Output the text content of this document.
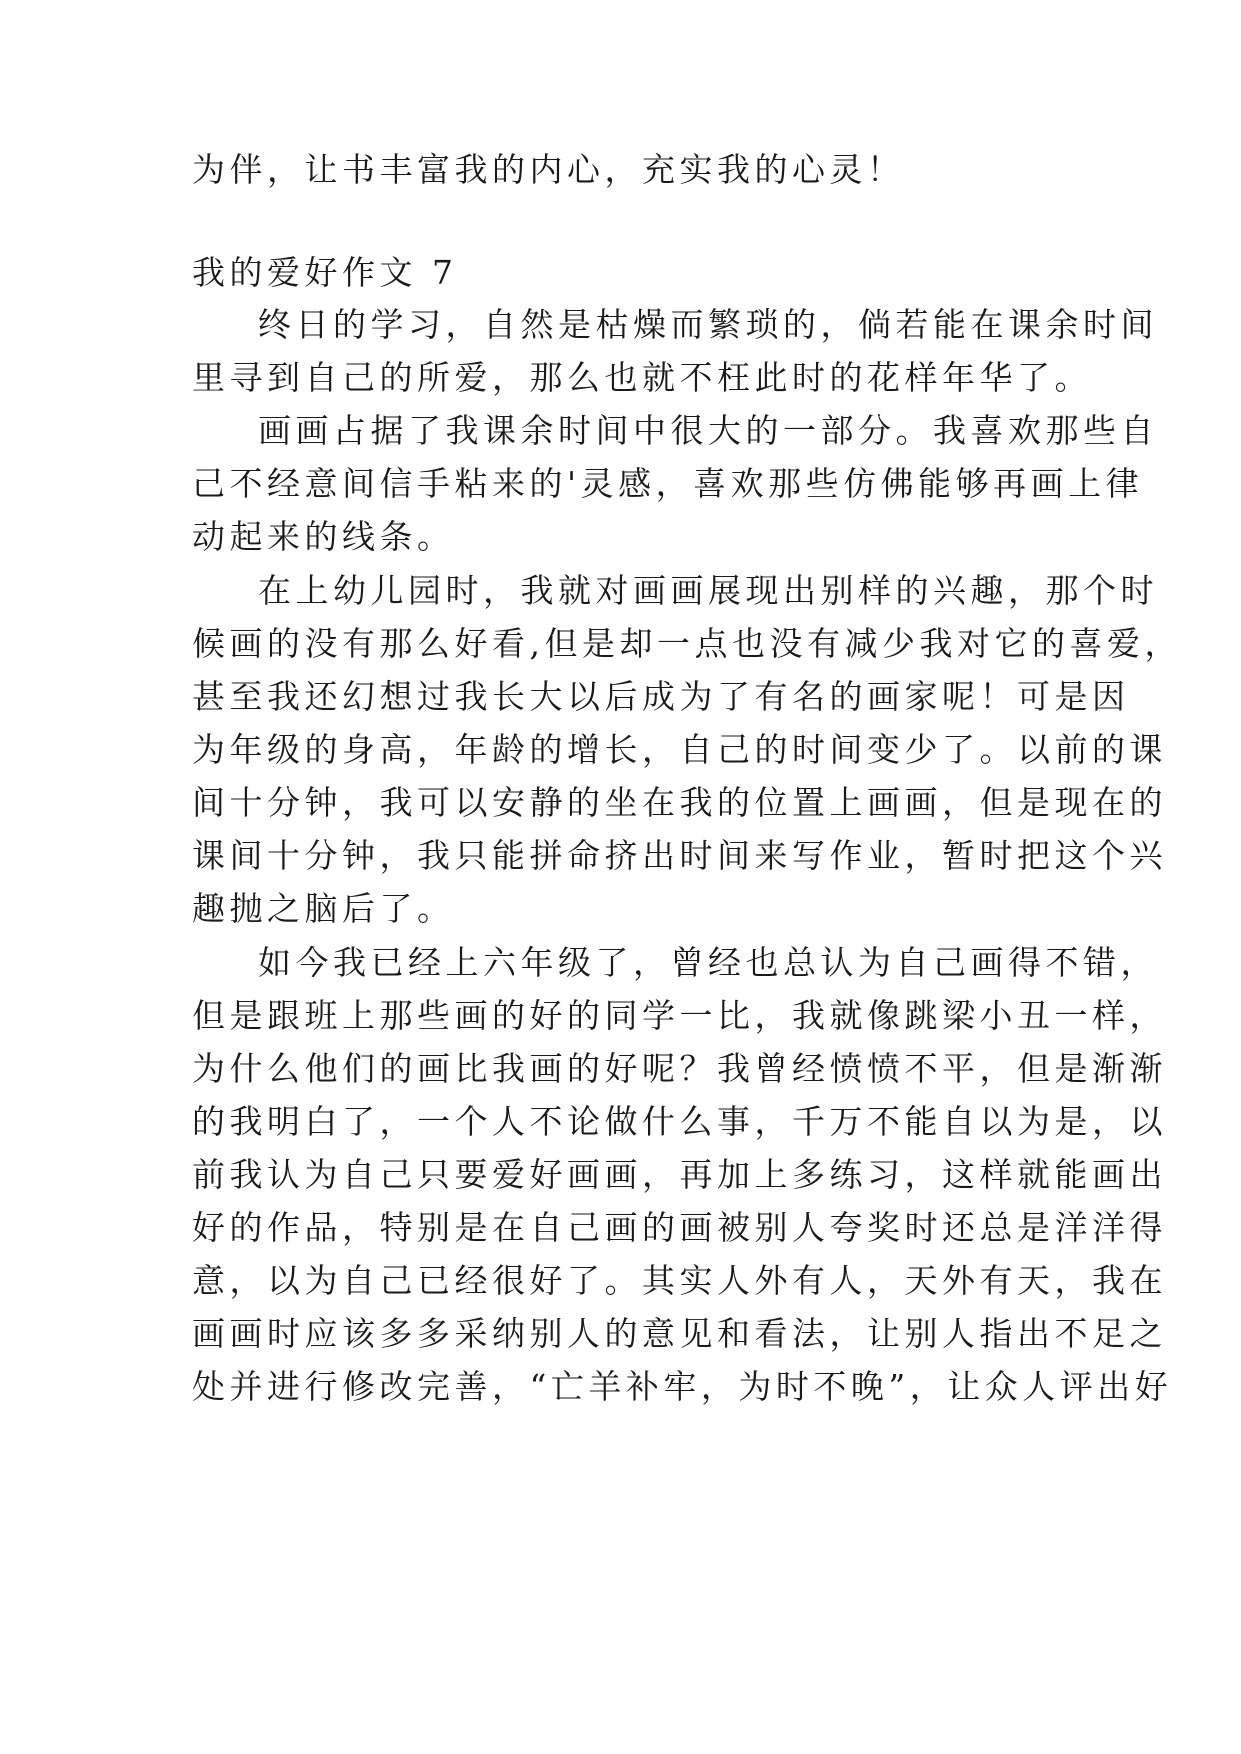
为伴，让书丰富我的内心，充实我的心灵！
我的爱好作文 7
终日的学习，自然是枯燥而繁琐的，倘若能在课余时间
里寻到自己的所爱，那么也就不枉此时的花样年华了。
画画占据了我课余时间中很大的一部分。我喜欢那些自
己不经意间信手粘来的'灵感，喜欢那些仿佛能够再画上律
动起来的线条。
在上幼儿园时，我就对画画展现出别样的兴趣，那个时
候画的没有那么好看,但是却一点也没有减少我对它的喜爱，
甚至我还幻想过我长大以后成为了有名的画家呢！可是因
为年级的身高，年龄的增长，自己的时间变少了。以前的课
间十分钟，我可以安静的坐在我的位置上画画，但是现在的
课间十分钟，我只能拼命挤出时间来写作业，暂时把这个兴
趣抛之脑后了。
如今我已经上六年级了，曾经也总认为自己画得不错，
但是跟班上那些画的好的同学一比，我就像跳梁小丑一样，
为什么他们的画比我画的好呢？我曾经愤愤不平，但是渐渐
的我明白了，一个人不论做什么事，千万不能自以为是，以
前我认为自己只要爱好画画，再加上多练习，这样就能画出
好的作品，特别是在自己画的画被别人夸奖时还总是洋洋得
意，以为自己已经很好了。其实人外有人，天外有天，我在
画画时应该多多采纳别人的意见和看法，让别人指出不足之
处并进行修改完善，“亡羊补牢，为时不晚”，让众人评出好
